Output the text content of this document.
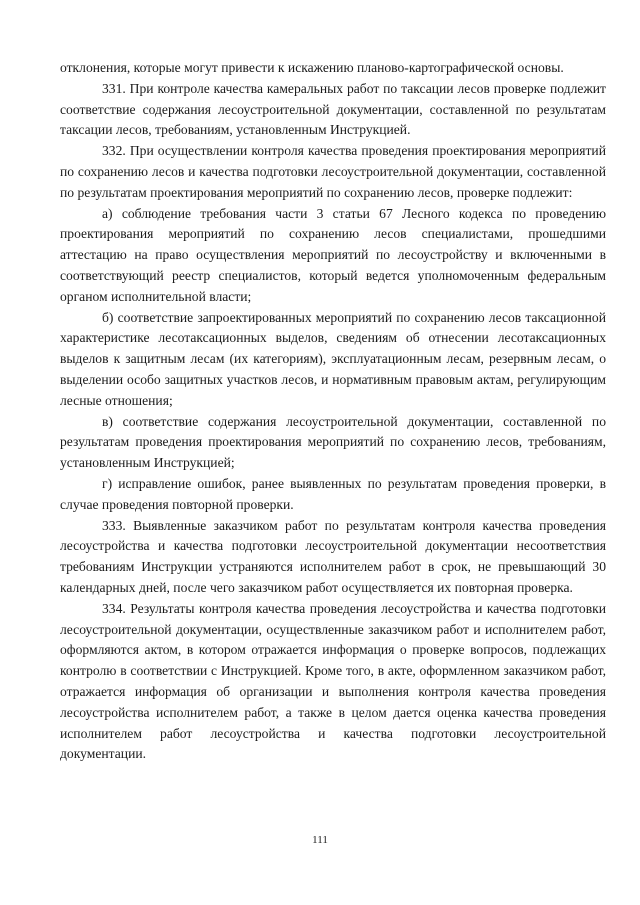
отклонения, которые могут привести к искажению планово-картографической основы.

331. При контроле качества камеральных работ по таксации лесов проверке подлежит соответствие содержания лесоустроительной документации, составленной по результатам таксации лесов, требованиям, установленным Инструкцией.

332. При осуществлении контроля качества проведения проектирования мероприятий по сохранению лесов и качества подготовки лесоустроительной документации, составленной по результатам проектирования мероприятий по сохранению лесов, проверке подлежит:

а) соблюдение требования части 3 статьи 67 Лесного кодекса по проведению проектирования мероприятий по сохранению лесов специалистами, прошедшими аттестацию на право осуществления мероприятий по лесоустройству и включенными в соответствующий реестр специалистов, который ведется уполномоченным федеральным органом исполнительной власти;

б) соответствие запроектированных мероприятий по сохранению лесов таксационной характеристике лесотаксационных выделов, сведениям об отнесении лесотаксационных выделов к защитным лесам (их категориям), эксплуатационным лесам, резервным лесам, о выделении особо защитных участков лесов, и нормативным правовым актам, регулирующим лесные отношения;

в) соответствие содержания лесоустроительной документации, составленной по результатам проведения проектирования мероприятий по сохранению лесов, требованиям, установленным Инструкцией;

г) исправление ошибок, ранее выявленных по результатам проведения проверки, в случае проведения повторной проверки.

333. Выявленные заказчиком работ по результатам контроля качества проведения лесоустройства и качества подготовки лесоустроительной документации несоответствия требованиям Инструкции устраняются исполнителем работ в срок, не превышающий 30 календарных дней, после чего заказчиком работ осуществляется их повторная проверка.

334. Результаты контроля качества проведения лесоустройства и качества подготовки лесоустроительной документации, осуществленные заказчиком работ и исполнителем работ, оформляются актом, в котором отражается информация о проверке вопросов, подлежащих контролю в соответствии с Инструкцией. Кроме того, в акте, оформленном заказчиком работ, отражается информация об организации и выполнения контроля качества проведения лесоустройства исполнителем работ, а также в целом дается оценка качества проведения исполнителем работ лесоустройства и качества подготовки лесоустроительной документации.

111
